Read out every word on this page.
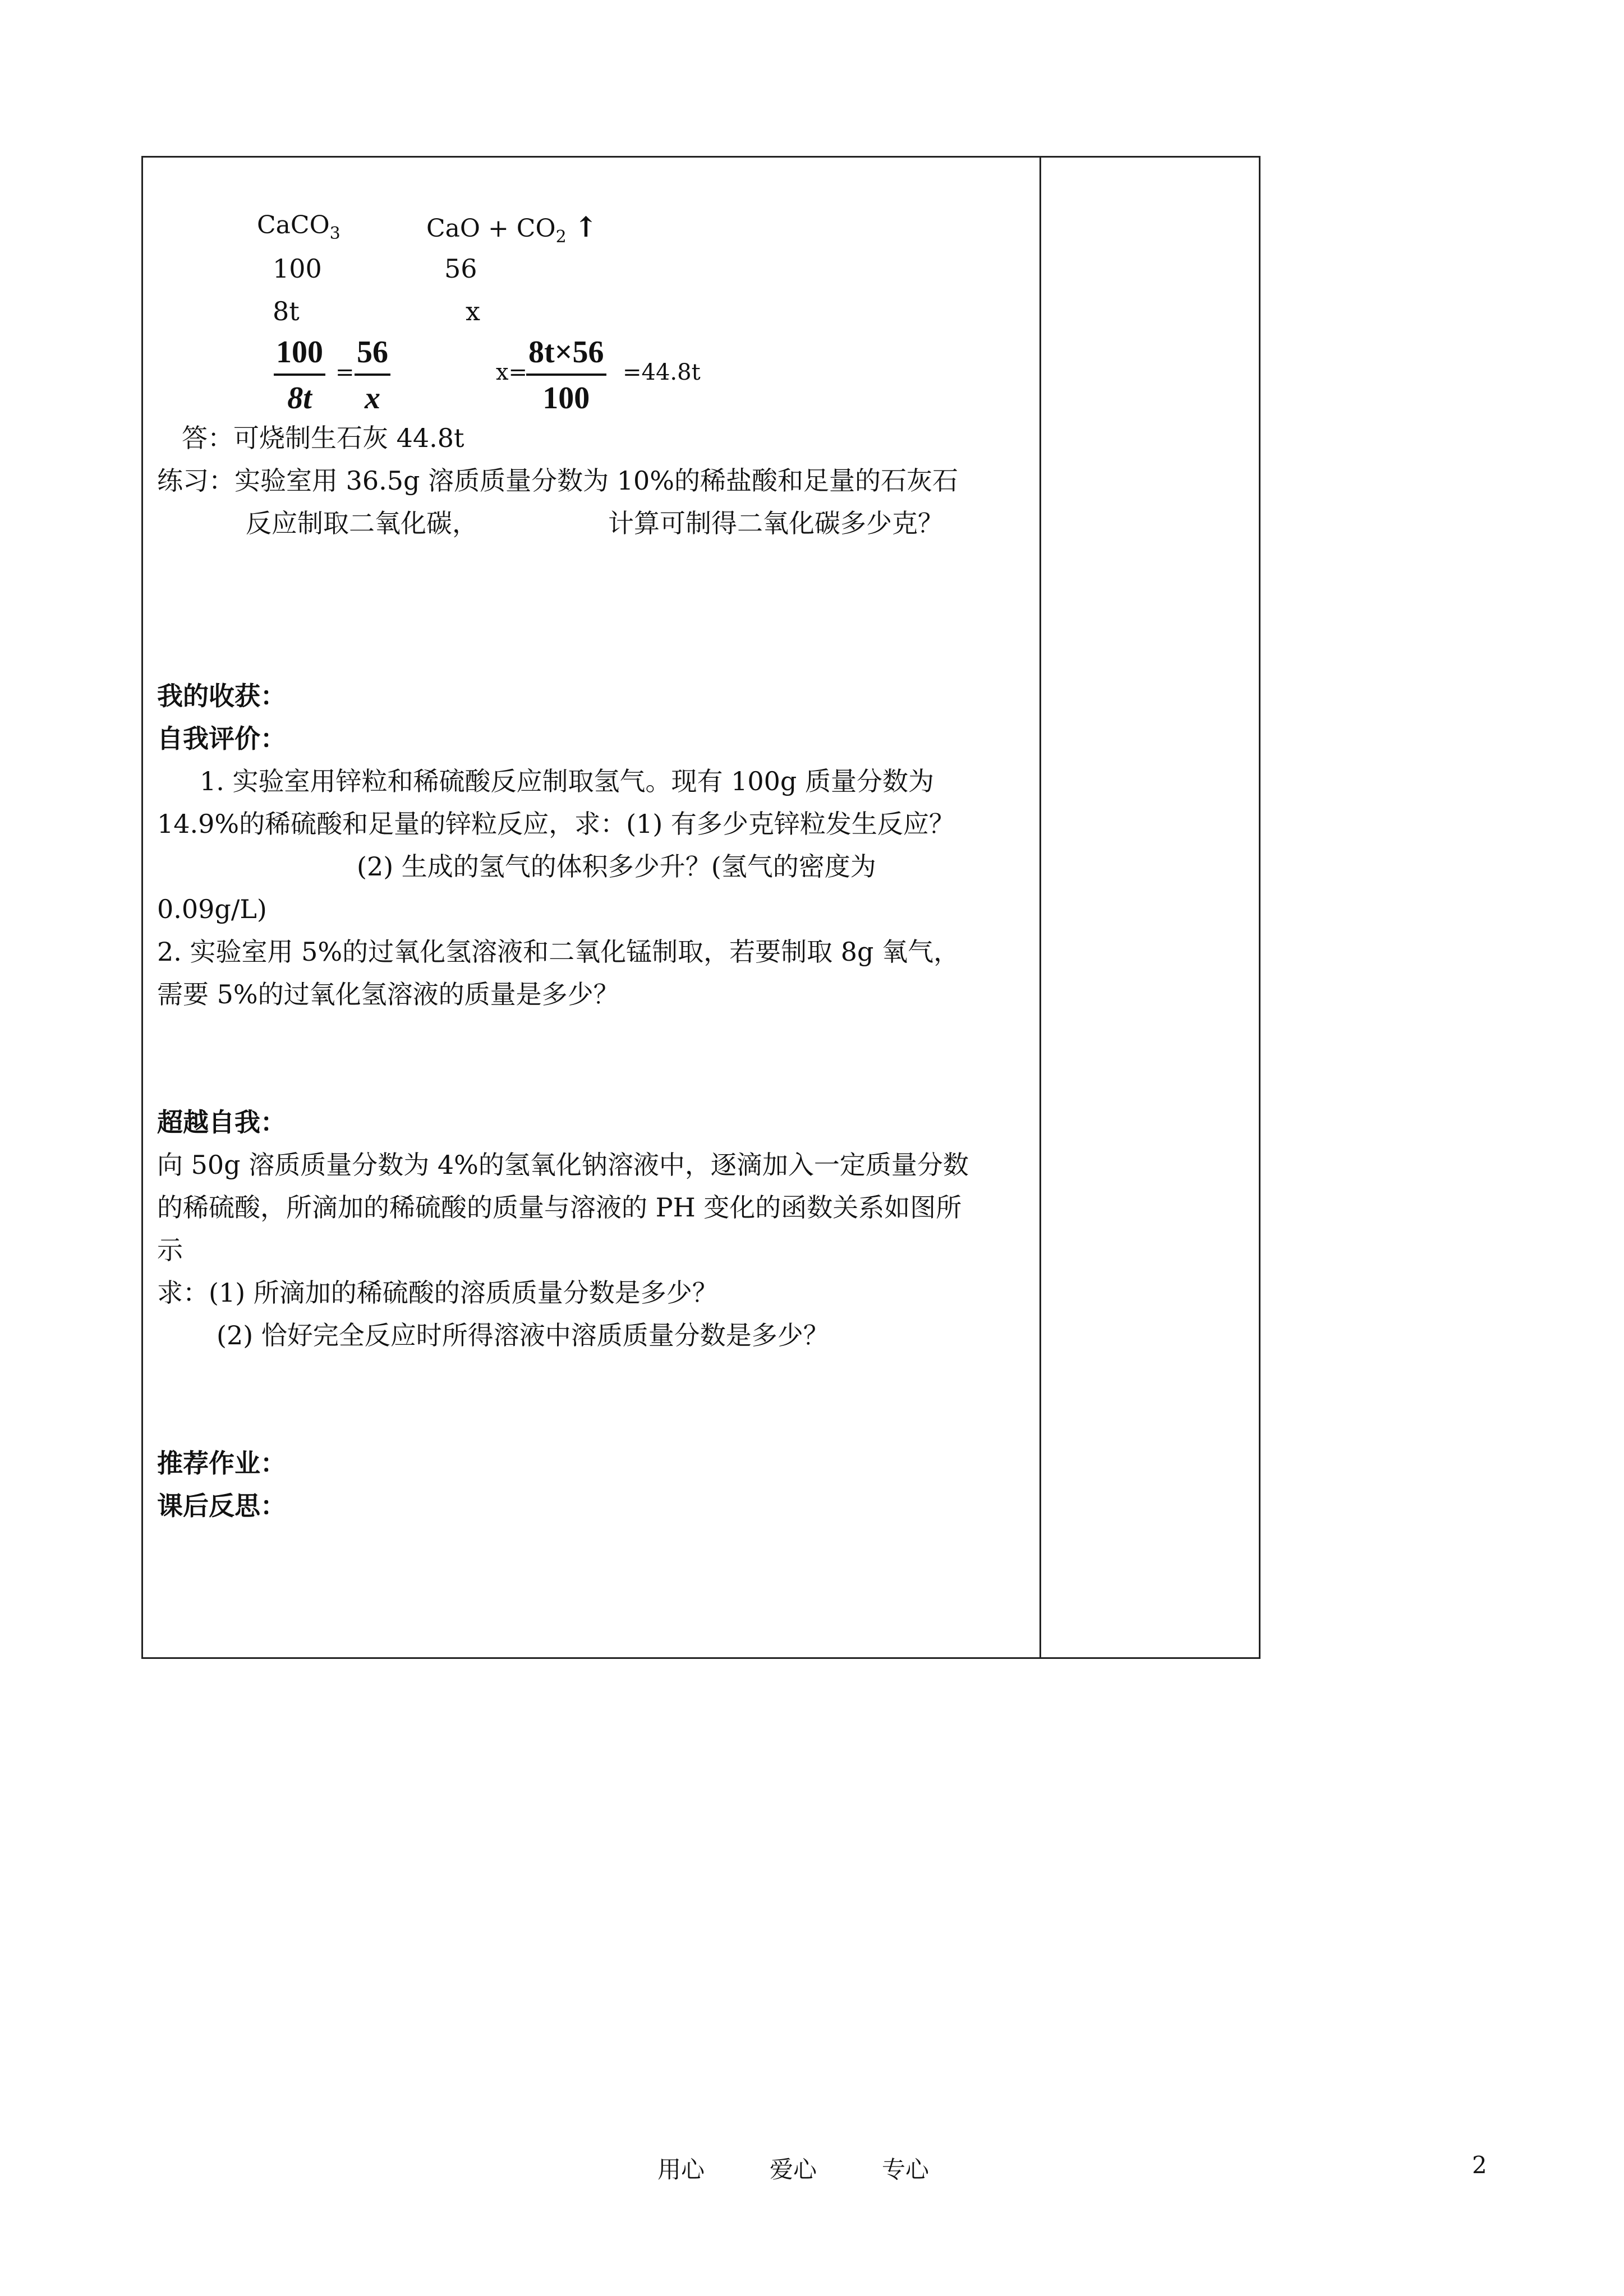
CaCO$_3$	CaO + $CO_2$ ↑
100	56
8t	x
$\frac{100}{8t} = \frac{56}{x}$	x=
$\frac{8t\times 56}{100} =44.8t$
答：可烧制生石灰 44.8t
练习：实验室用 36.5g 溶质质量分数为 10%的稀盐酸和足量的石灰石
反应制取二氧化碳，	计算可制得二氧化碳多少克？
我的收获：
自我评价：
1. 实验室用锌粒和稀硫酸反应制取氢气。现有 100g 质量分数为
14.9%的稀硫酸和足量的锌粒反应，求：(1) 有多少克锌粒发生反应？
(2) 生成的氢气的体积多少升？(氢气的密度为
0.09g/L)
2. 实验室用 5%的过氧化氢溶液和二氧化锰制取，若要制取 8g 氧气，
需要 5%的过氧化氢溶液的质量是多少？
超越自我：
向 50g 溶质质量分数为 4%的氢氧化钠溶液中，逐滴加入一定质量分数
的稀硫酸，所滴加的稀硫酸的质量与溶液的 PH 变化的函数关系如图所
示
求：(1) 所滴加的稀硫酸的溶质质量分数是多少？
(2) 恰好完全反应时所得溶液中溶质质量分数是多少？
推荐作业：
课后反思：
用心	爱心	专心	2
